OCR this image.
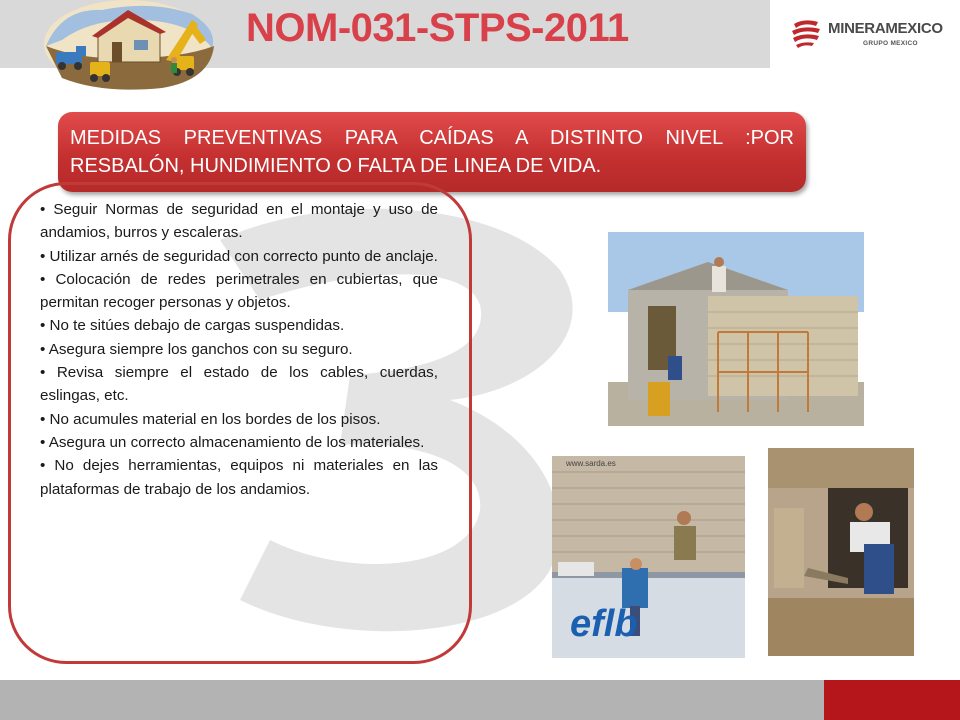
NOM-031-STPS-2011	MINERAMEXICO
GRUPO MEXICO

MEDIDAS PREVENTIVAS PARA CAÍDAS A DISTINTO NIVEL :POR RESBALÓN, HUNDIMIENTO O FALTA DE LINEA DE VIDA.

• Seguir Normas de seguridad en el montaje y uso de andamios, burros y escaleras.
• Utilizar arnés de seguridad con correcto punto de anclaje.
• Colocación de redes perimetrales en cubiertas, que permitan recoger personas y objetos.
• No te sitúes debajo de cargas suspendidas.
• Asegura siempre los ganchos con su seguro.
• Revisa siempre el estado de los cables, cuerdas, eslingas, etc.
• No acumules material en los bordes de los pisos.
• Asegura un correcto almacenamiento de los materiales.
• No dejes herramientas, equipos ni materiales en las plataformas de trabajo de los andamios.
eflb
www.sarda.es
